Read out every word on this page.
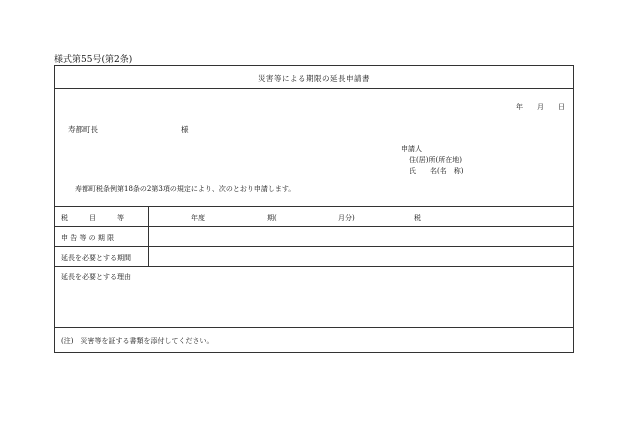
様式第55号(第2条)
災害等による期限の延長申請書
年　　月　　日
寿都町長	様
申請人
住(居)所(所在地)
氏　　名(名　称)
寿都町税条例第18条の2第3項の規定により、次のとおり申請します。
税　　　目　　　等	年度	期(	月分)	税
申 告 等 の 期 限
延長を必要とする期間
延長を必要とする理由
(注)　災害等を証する書類を添付してください。
